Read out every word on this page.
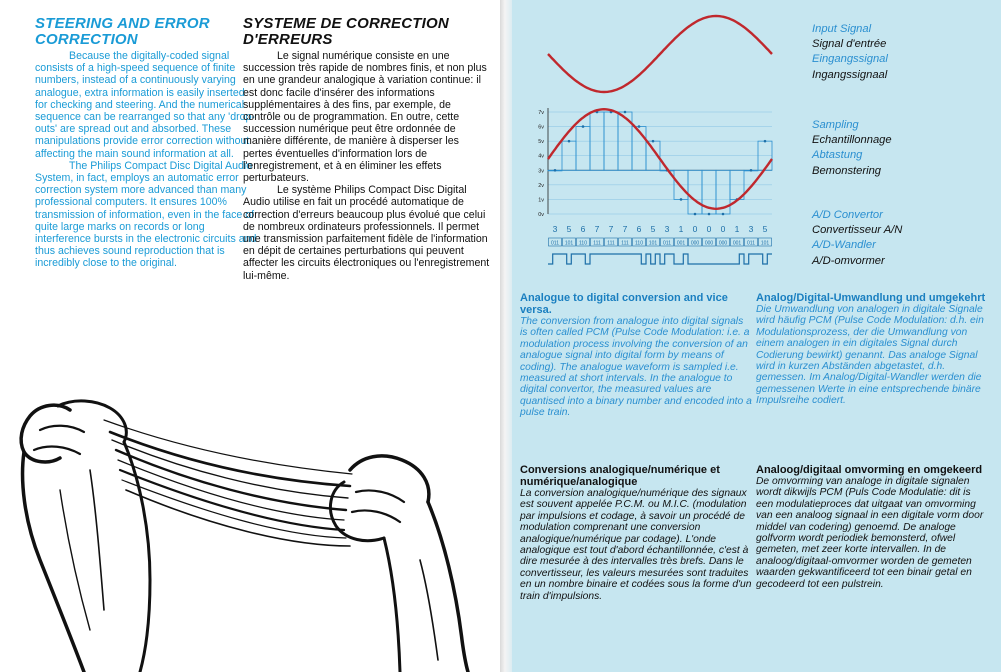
STEERING AND ERROR
CORRECTION

Because the digitally-coded signal consists of a high-speed sequence of finite numbers, instead of a continuously varying analogue, extra information is easily inserted for checking and steering. And the numerical sequence can be rearranged so that any 'drop-outs' are spread out and absorbed. These manipulations provide error correction without affecting the main sound information at all.

The Philips Compact Disc Digital Audio System, in fact, employs an automatic error correction system more advanced than many professional computers. It ensures 100% transmission of information, even in the face of quite large marks on records or long interference bursts in the electronic circuits and thus achieves sound reproduction that is incredibly close to the original.

SYSTEME DE CORRECTION
D'ERREURS

Le signal numérique consiste en une succession très rapide de nombres finis, et non plus en une grandeur analogique à variation continue: il est donc facile d'insérer des informations supplémentaires à des fins, par exemple, de contrôle ou de programmation. En outre, cette succession numérique peut être ordonnée de manière différente, de manière à disperser les pertes éventuelles d'information lors de l'enregistrement, et à en éliminer les effets perturbateurs.

Le système Philips Compact Disc Digital Audio utilise en fait un procédé automatique de correction d'erreurs beaucoup plus évolué que celui de nombreux ordinateurs professionnels. Il permet une transmission parfaitement fidèle de l'information en dépit de certaines perturbations qui peuvent affecter les circuits électroniques ou l'enregistrement lui-même.

7v
6v
5v
4v
3v
2v
1v
0v
3 5 6 7 7 7 6 5 3 1 0 0 0 1 3 5
011 101 110 111 111 111 110 101 011 001 000 000 000 001 011 101
Input Signal
Signal d'entrée
Eingangssignal
Ingangssignaal
Sampling
Echantillonnage
Abtastung
Bemonstering
A/D Convertor
Convertisseur A/N
A/D-Wandler
A/D-omvormer
Analogue to digital conversion and vice versa.

The conversion from analogue into digital signals is often called PCM (Pulse Code Modulation: i.e. a modulation process involving the conversion of an analogue signal into digital form by means of coding). The analogue waveform is sampled i.e. measured at short intervals. In the analogue to digital convertor, the measured values are quantised into a binary number and encoded into a pulse train.

Analog/Digital-Umwandlung und umgekehrt

Die Umwandlung von analogen in digitale Signale wird häufig PCM (Pulse Code Modulation: d.h. ein Modulationsprozess, der die Umwandlung von einem analogen in ein digitales Signal durch Codierung bewirkt) genannt. Das analoge Signal wird in kurzen Abständen abgetastet, d.h. gemessen. Im Analog/Digital-Wandler werden die gemessenen Werte in eine entsprechende binäre Impulsreihe codiert.

Conversions analogique/numérique et numérique/analogique

La conversion analogique/numérique des signaux est souvent appelée P.C.M. ou M.I.C. (modulation par impulsions et codage, à savoir un procédé de modulation comprenant une conversion analogique/numérique par codage). L'onde analogique est tout d'abord échantillonnée, c'est à dire mesurée à des intervalles très brefs. Dans le convertisseur, les valeurs mesurées sont traduites en un nombre binaire et codées sous la forme d'un train d'impulsions.

Analoog/digitaal omvorming en omgekeerd

De omvorming van analoge in digitale signalen wordt dikwijls PCM (Puls Code Modulatie: dit is een modulatieproces dat uitgaat van omvorming van een analoog signaal in een digitale vorm door middel van codering) genoemd. De analoge golfvorm wordt periodiek bemonsterd, ofwel gemeten, met zeer korte intervallen. In de analoog/digitaal-omvormer worden de gemeten waarden gekwantificeerd tot een binair getal en gecodeerd tot een pulstrein.
